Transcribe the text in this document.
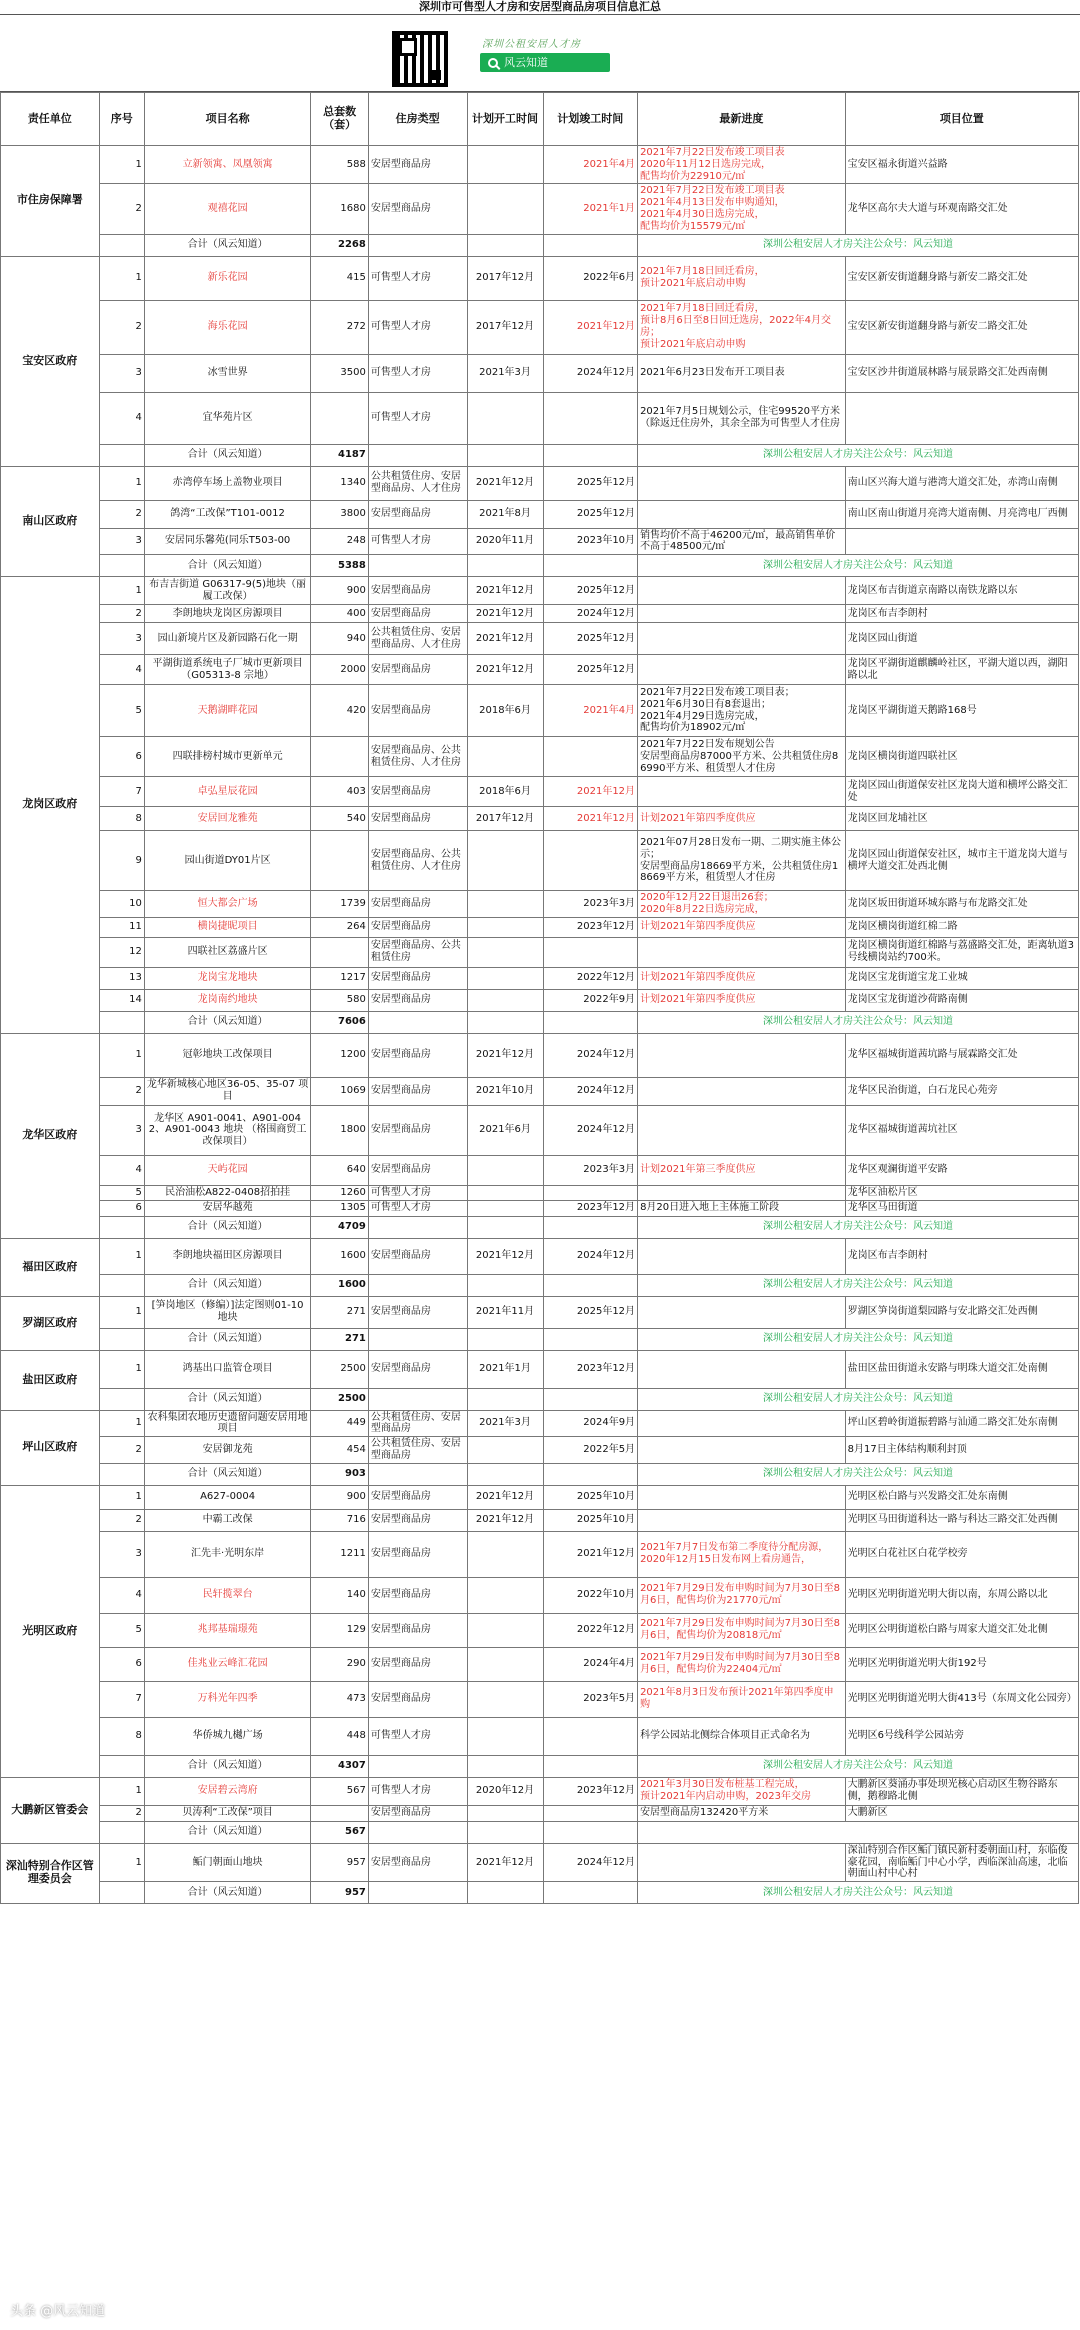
深圳市可售型人才房和安居型商品房项目信息汇总
深圳公租安居人才房
风云知道
责任单位	序号	项目名称	总套数（套）	住房类型	计划开工时间	计划竣工时间	最新进度	项目位置
市住房保障署	1	立新领寓、凤凰领寓	588	安居型商品房		2021年4月	2021年7月22日发布竣工项目表
2020年11月12日选房完成，
配售均价为22910元/㎡	宝安区福永街道兴益路
	2	观禧花园	1680	安居型商品房		2021年1月	2021年7月22日发布竣工项目表
2021年4月13日发布申购通知，
2021年4月30日选房完成，
配售均价为15579元/㎡	龙华区高尔夫大道与环观南路交汇处
		合计（风云知道）	2268				深圳公租安居人才房关注公众号：风云知道	
宝安区政府	1	新乐花园	415	可售型人才房	2017年12月	2022年6月	2021年7月18日回迁看房，
预计2021年底启动申购	宝安区新安街道翻身路与新安二路交汇处
	2	海乐花园	272	可售型人才房	2017年12月	2021年12月	2021年7月18日回迁看房，
预计8月6日至8日回迁选房，2022年4月交房；
预计2021年底启动申购	宝安区新安街道翻身路与新安二路交汇处
	3	冰雪世界	3500	可售型人才房	2021年3月	2024年12月	2021年6月23日发布开工项目表	宝安区沙井街道展林路与展景路交汇处西南侧
	4	宜华苑片区		可售型人才房			2021年7月5日规划公示，住宅99520平方米（除返迁住房外，其余全部为可售型人才住房	
		合计（风云知道）	4187				深圳公租安居人才房关注公众号：风云知道	
南山区政府	1	赤湾停车场上盖物业项目	1340	公共租赁住房、安居型商品房、人才住房	2021年12月	2025年12月		南山区兴海大道与港湾大道交汇处，赤湾山南侧
	2	鸽湾“工改保”T101-0012	3800	安居型商品房	2021年8月	2025年12月		南山区南山街道月亮湾大道南侧、月亮湾电厂西侧
	3	安居同乐馨苑(同乐T503-00	248	可售型人才房	2020年11月	2023年10月	销售均价不高于46200元/㎡，最高销售单价不高于48500元/㎡	
		合计（风云知道）	5388				深圳公租安居人才房关注公众号：风云知道	
龙岗区政府	1	布吉吉街道 G06317-9(5)地块（丽履工改保）	900	安居型商品房	2021年12月	2025年12月		龙岗区布吉街道京南路以南铁龙路以东
	2	李朗地块龙岗区房源项目	400	安居型商品房	2021年12月	2024年12月		龙岗区布吉李朗村
	3	园山新境片区及新园路石化一期	940	公共租赁住房、安居型商品房、人才住房	2021年12月	2025年12月		龙岗区园山街道
	4	平湖街道系统电子厂城市更新项目（G05313-8 宗地）	2000	安居型商品房	2021年12月	2025年12月		龙岗区平湖街道麒麟岭社区，平湖大道以西，湖阳路以北
	5	天鹅湖畔花园	420	安居型商品房	2018年6月	2021年4月	2021年7月22日发布竣工项目表；
2021年6月30日有8套退出；
2021年4月29日选房完成，
配售均价为18902元/㎡	龙岗区平湖街道天鹅路168号
	6	四联排榜村城市更新单元		安居型商品房、公共租赁住房、人才住房			2021年7月22日发布规划公告
安居型商品房87000平方米、公共租赁住房86990平方米、租赁型人才住房	龙岗区横岗街道四联社区
	7	卓弘星辰花园	403	安居型商品房	2018年6月	2021年12月		龙岗区园山街道保安社区龙岗大道和横坪公路交汇处
	8	安居回龙雅苑	540	安居型商品房	2017年12月	2021年12月	计划2021年第四季度供应	龙岗区回龙埔社区
	9	园山街道DY01片区		安居型商品房、公共租赁住房、人才住房			2021年07月28日发布一期、二期实施主体公示；
安居型商品房18669平方米，公共租赁住房18669平方米，租赁型人才住房	龙岗区园山街道保安社区，城市主干道龙岗大道与横坪大道交汇处西北侧
	10	恒大都会广场	1739	安居型商品房		2023年3月	2020年12月22日退出26套；
2020年8月22日选房完成，	龙岗区坂田街道环城东路与布龙路交汇处
	11	横岗捷昵项目	264	安居型商品房		2023年12月	计划2021年第四季度供应	龙岗区横岗街道红棉二路
	12	四联社区荔盛片区		安居型商品房、公共租赁住房				龙岗区横岗街道红棉路与荔盛路交汇处，距离轨道3号线横岗站约700米。
	13	龙岗宝龙地块	1217	安居型商品房		2022年12月	计划2021年第四季度供应	龙岗区宝龙街道宝龙工业城
	14	龙岗南约地块	580	安居型商品房		2022年9月	计划2021年第四季度供应	龙岗区宝龙街道沙荷路南侧
		合计（风云知道）	7606				深圳公租安居人才房关注公众号：风云知道	
龙华区政府	1	冠彰地块工改保项目	1200	安居型商品房	2021年12月	2024年12月		龙华区福城街道茜坑路与展霖路交汇处
	2	龙华新城核心地区36-05、35-07 项目	1069	安居型商品房	2021年10月	2024年12月		龙华区民治街道，白石龙民心苑旁
	3	龙华区 A901-0041、A901-0042、A901-0043 地块 （格围商贸工改保项目）	1800	安居型商品房	2021年6月	2024年12月		龙华区福城街道茜坑社区
	4	天屿花园	640	安居型商品房		2023年3月	计划2021年第三季度供应	龙华区观澜街道平安路
	5	民治油松A822-0408招拍挂	1260	可售型人才房				龙华区油松片区
	6	安居华越苑	1305	可售型人才房		2023年12月	8月20日进入地上主体施工阶段	龙华区马田街道
		合计（风云知道）	4709				深圳公租安居人才房关注公众号：风云知道	
福田区政府	1	李朗地块福田区房源项目	1600	安居型商品房	2021年12月	2024年12月		龙岗区布吉李朗村
		合计（风云知道）	1600				深圳公租安居人才房关注公众号：风云知道	
罗湖区政府	1	[笋岗地区（修编）]法定图则01-10 地块	271	安居型商品房	2021年11月	2025年12月		罗湖区笋岗街道梨园路与安北路交汇处西侧
		合计（风云知道）	271				深圳公租安居人才房关注公众号：风云知道	
盐田区政府	1	鸿基出口监管仓项目	2500	安居型商品房	2021年1月	2023年12月		盐田区盐田街道永安路与明珠大道交汇处南侧
		合计（风云知道）	2500				深圳公租安居人才房关注公众号：风云知道	
坪山区政府	1	农科集团农地历史遗留问题安居用地项目	449	公共租赁住房、安居型商品房	2021年3月	2024年9月		坪山区碧岭街道振碧路与汕通二路交汇处东南侧
	2	安居御龙苑	454	公共租赁住房、安居型商品房		2022年5月		8月17日主体结构顺利封顶
		合计（风云知道）	903				深圳公租安居人才房关注公众号：风云知道	
光明区政府	1	A627-0004	900	安居型商品房	2021年12月	2025年10月		光明区松白路与兴发路交汇处东南侧
	2	中霸工改保	716	安居型商品房	2021年12月	2025年10月		光明区马田街道科达一路与科达三路交汇处西侧
	3	汇先丰·光明东岸	1211	安居型商品房		2021年12月	2021年7月7日发布第二季度待分配房源，
2020年12月15日发布网上看房通告，	光明区白花社区白花学校旁
	4	民轩揽翠台	140	安居型商品房		2022年10月	2021年7月29日发布申购时间为7月30日至8月6日，配售均价为21770元/㎡	光明区光明街道光明大街以南，东周公路以北
	5	兆邦基瑞璟苑	129	安居型商品房		2022年12月	2021年7月29日发布申购时间为7月30日至8月6日，配售均价为20818元/㎡	光明区公明街道松白路与周家大道交汇处北侧
	6	佳兆业云峰汇花园	290	安居型商品房		2024年4月	2021年7月29日发布申购时间为7月30日至8月6日，配售均价为22404元/㎡	光明区光明街道光明大街192号
	7	万科光年四季	473	安居型商品房		2023年5月	2021年8月3日发布预计2021年第四季度申购	光明区光明街道光明大街413号（东周文化公园旁）
	8	华侨城九樾广场	448	可售型人才房			科学公园站北侧综合体项目正式命名为	光明区6号线科学公园站旁
		合计（风云知道）	4307				深圳公租安居人才房关注公众号：风云知道	
大鹏新区管委会	1	安居碧云湾府	567	可售型人才房	2020年12月	2023年12月	2021年3月30日发布桩基工程完成，
预计2021年内启动申购，2023年交房	大鹏新区葵涌办事处坝光核心启动区生物谷路东侧，鹅穆路北侧
	2	贝涛利“工改保”项目		安居型商品房			安居型商品房132420平方米	大鹏新区
		合计（风云知道）	567					
深汕特别合作区管理委员会	1	鲘门朝面山地块	957	安居型商品房	2021年12月	2024年12月		深汕特别合作区鲘门镇民新村委朝面山村，东临俊豪花园，南临鲘门中心小学，西临深汕高速，北临朝面山村中心村
		合计（风云知道）	957				深圳公租安居人才房关注公众号：风云知道	
头条 @风云知道
